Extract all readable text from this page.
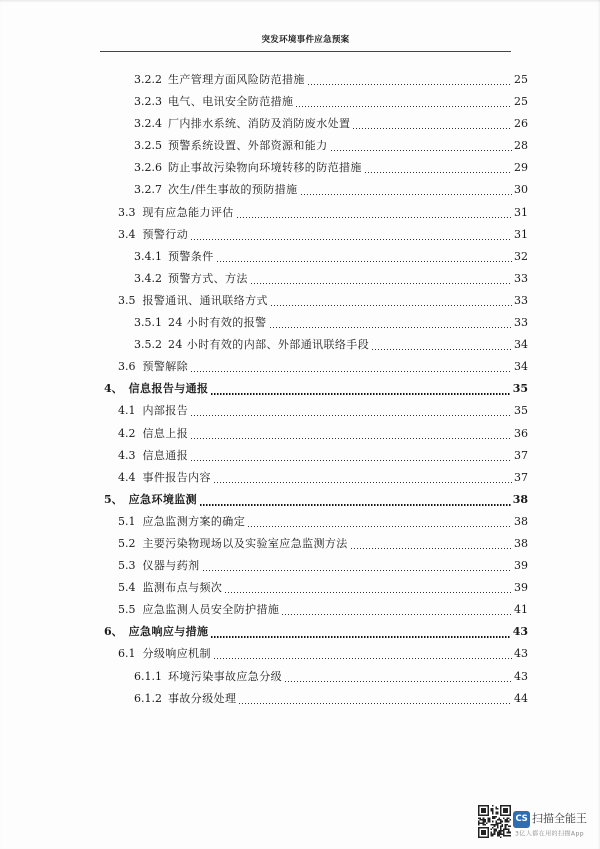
突发环境事件应急预案
3.2.2 生产管理方面风险防范措施	25
3.2.3 电气、电讯安全防范措施	25
3.2.4 厂内排水系统、消防及消防废水处置	26
3.2.5 预警系统设置、外部资源和能力	28
3.2.6 防止事故污染物向环境转移的防范措施	29
3.2.7 次生/伴生事故的预防措施	30
3.3 现有应急能力评估	31
3.4 预警行动	31
3.4.1 预警条件	32
3.4.2 预警方式、方法	33
3.5 报警通讯、通讯联络方式	33
3.5.1 24 小时有效的报警	33
3.5.2 24 小时有效的内部、外部通讯联络手段	34
3.6 预警解除	34
4、 信息报告与通报	35
4.1 内部报告	35
4.2 信息上报	36
4.3 信息通报	37
4.4 事件报告内容	37
5、 应急环境监测	38
5.1 应急监测方案的确定	38
5.2 主要污染物现场以及实验室应急监测方法	38
5.3 仪器与药剂	39
5.4 监测布点与频次	39
5.5 应急监测人员安全防护措施	41
6、 应急响应与措施	43
6.1 分级响应机制	43
6.1.1 环境污染事故应急分级	43
6.1.2 事故分级处理	44
CS 扫描全能王
3亿人都在用的扫描App
